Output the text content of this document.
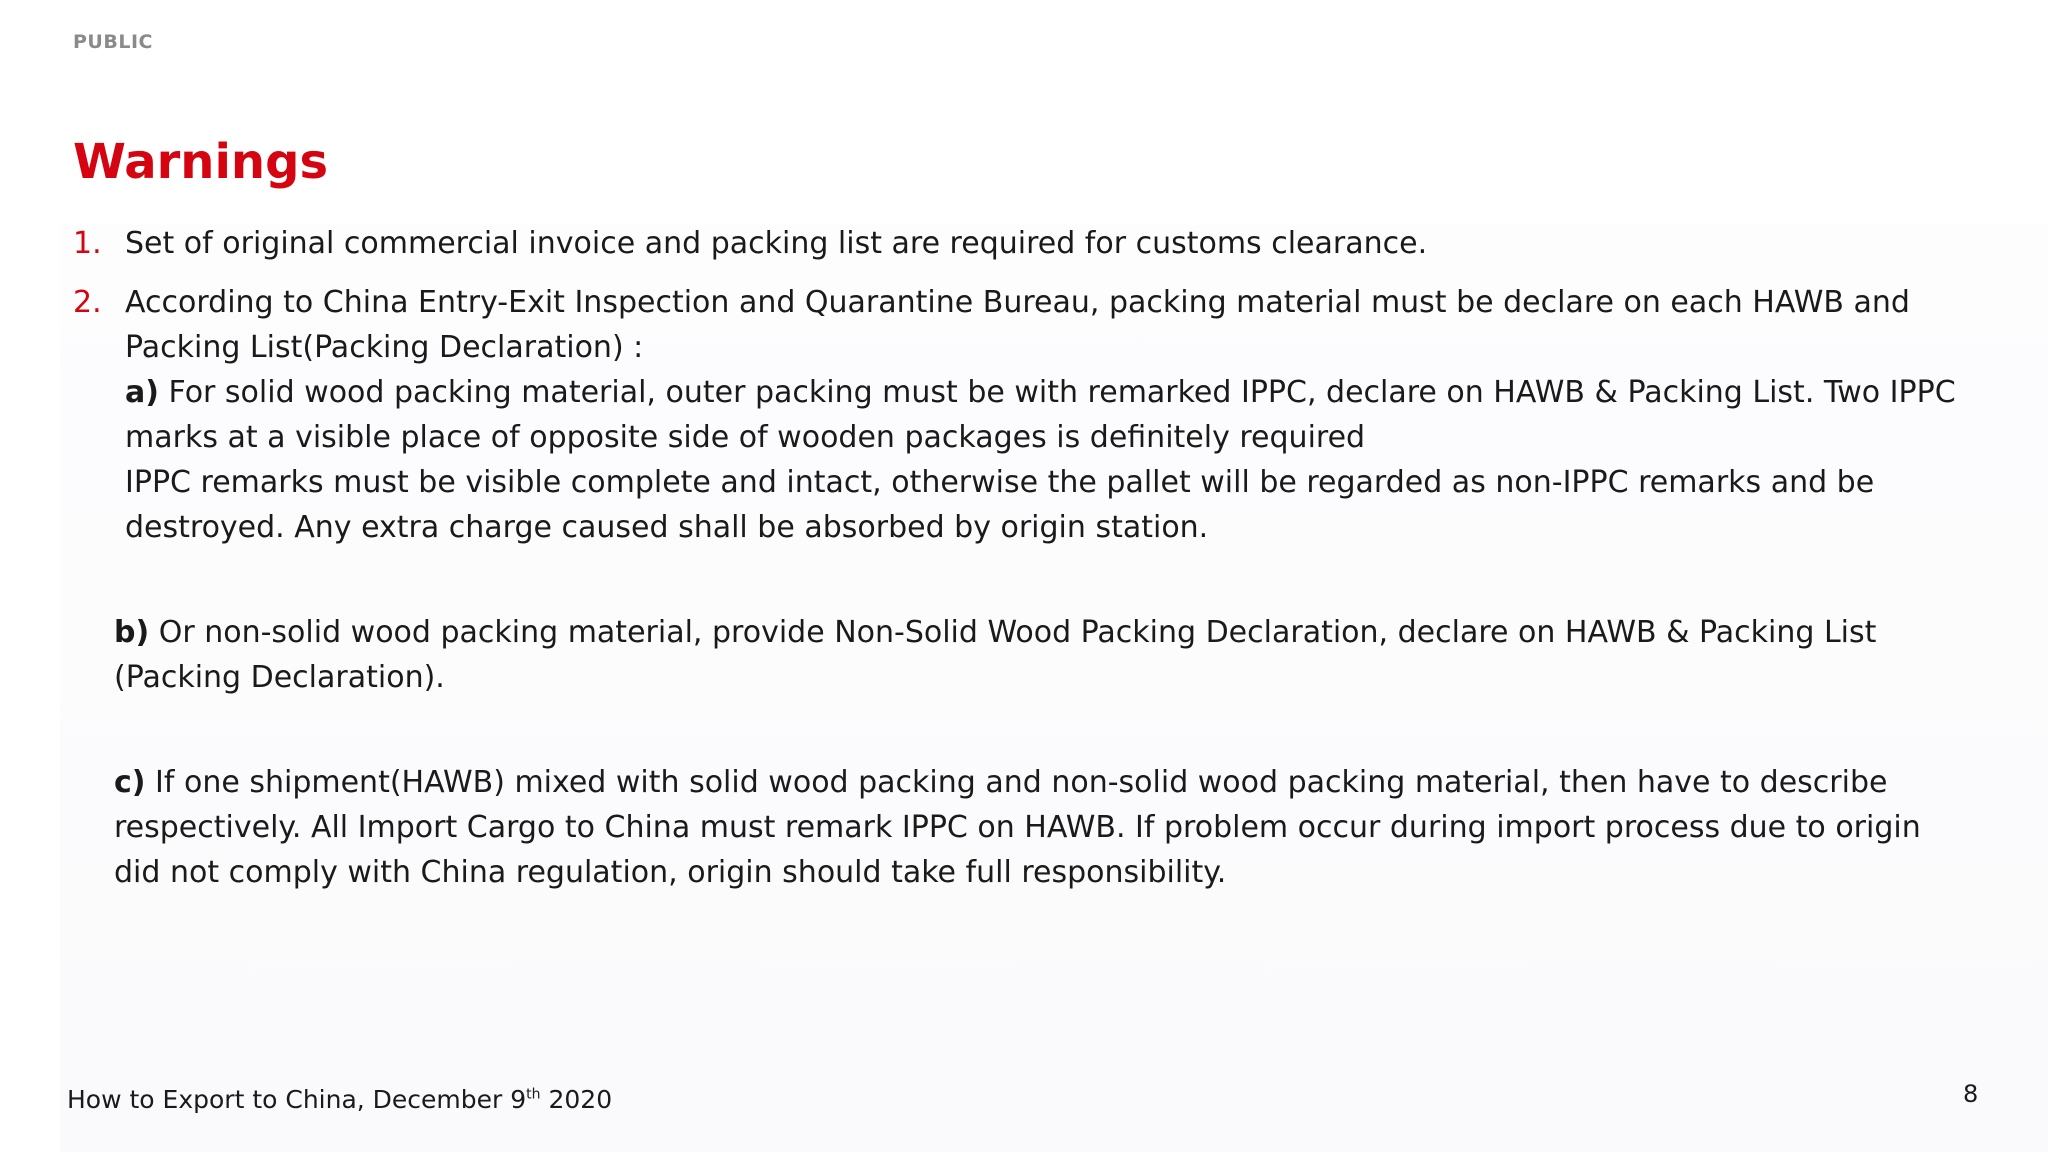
PUBLIC
Warnings
1. Set of original commercial invoice and packing list are required for customs clearance.
2. According to China Entry-Exit Inspection and Quarantine Bureau, packing material must be declare on each HAWB and Packing List(Packing Declaration) :
a) For solid wood packing material, outer packing must be with remarked IPPC, declare on HAWB & Packing List. Two IPPC marks at a visible place of opposite side of wooden packages is definitely required
IPPC remarks must be visible complete and intact, otherwise the pallet will be regarded as non-IPPC remarks and be destroyed. Any extra charge caused shall be absorbed by origin station.
b) Or non-solid wood packing material, provide Non-Solid Wood Packing Declaration, declare on HAWB & Packing List (Packing Declaration).
c) If one shipment(HAWB) mixed with solid wood packing and non-solid wood packing material, then have to describe respectively. All Import Cargo to China must remark IPPC on HAWB. If problem occur during import process due to origin did not comply with China regulation, origin should take full responsibility.
How to Export to China, December 9th 2020	8
